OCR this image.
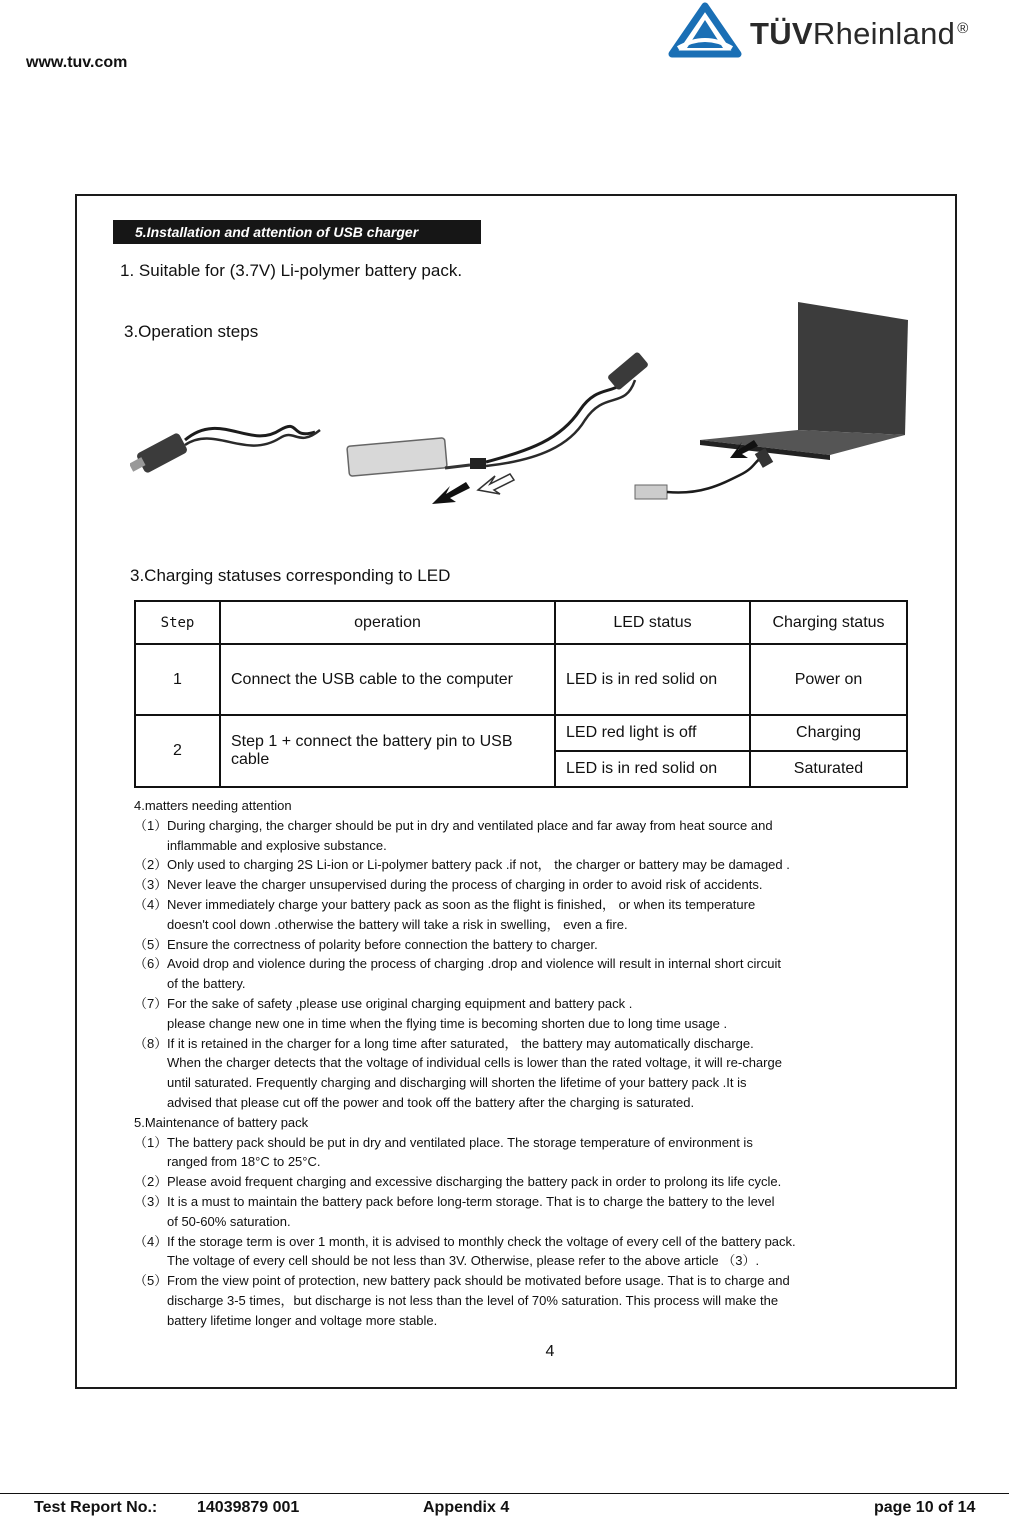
www.tuv.com
TÜVRheinland ®
5.Installation and attention of USB charger
1. Suitable for (3.7V) Li-polymer battery pack.
3.Operation steps
3.Charging statuses corresponding to LED
Step	operation	LED status	Charging status
1	Connect the USB cable to the computer	LED is in red solid on	Power on
2	Step 1 + connect the battery pin to USB cable	LED red light is off	Charging
		LED is in red solid on	Saturated

4.matters needing attention

（1） During charging, the charger should be put in dry and ventilated place and far away from heat source and
inflammable and explosive substance.
（2） Only used to charging 2S Li-ion or Li-polymer battery pack .if not， the charger or battery may be damaged .
（3） Never leave the charger unsupervised during the process of charging in order to avoid risk of accidents.
（4） Never immediately charge your battery pack as soon as the flight is finished， or when its temperature
doesn't cool down .otherwise the battery will take a risk in swelling， even a fire.
（5） Ensure the correctness of polarity before connection the battery to charger.
（6） Avoid drop and violence during the process of charging .drop and violence will result in internal short circuit
of the battery.
（7） For the sake of safety ,please use original charging equipment and battery pack .
please change new one in time when the flying time is becoming shorten due to long time usage .
（8） If it is retained in the charger for a long time after saturated， the battery may automatically discharge.
When the charger detects that the voltage of individual cells is lower than the rated voltage, it will re-charge
until saturated. Frequently charging and discharging will shorten the lifetime of your battery pack .It is
advised that please cut off the power and took off the battery after the charging is saturated.

5.Maintenance of battery pack

（1） The battery pack should be put in dry and ventilated place. The storage temperature of environment is
ranged from 18°C to 25°C.
（2） Please avoid frequent charging and excessive discharging the battery pack in order to prolong its life cycle.
（3） It is a must to maintain the battery pack before long-term storage. That is to charge the battery to the level
of 50-60% saturation.
（4） If the storage term is over 1 month, it is advised to monthly check the voltage of every cell of the battery pack.
The voltage of every cell should be not less than 3V. Otherwise, please refer to the above article （3）.
（5） From the view point of protection, new battery pack should be motivated before usage. That is to charge and
discharge 3-5 times，but discharge is not less than the level of 70% saturation. This process will make the
battery lifetime longer and voltage more stable.
4
Test Report No.: 14039879 001	Appendix 4	page 10 of 14
